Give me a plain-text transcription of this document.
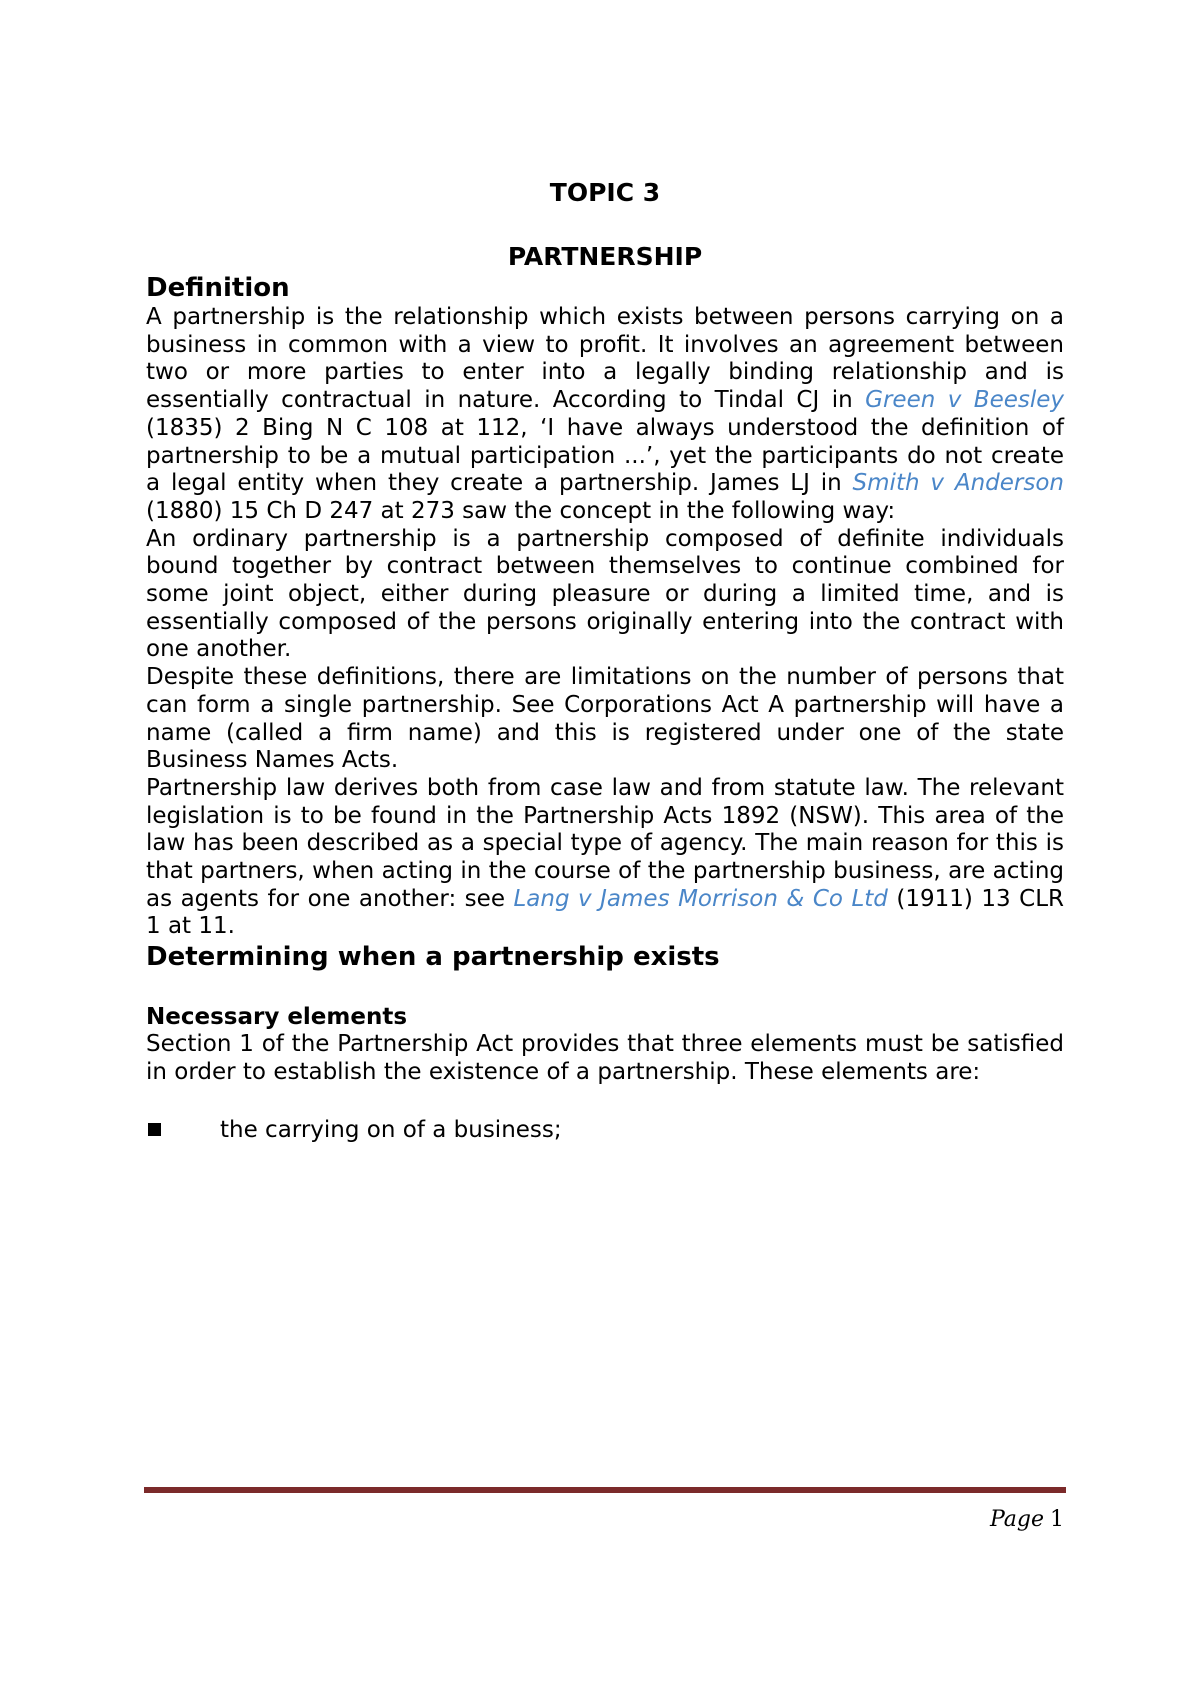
TOPIC 3
PARTNERSHIP
Definition

A partnership is the relationship which exists between persons carrying on a business in common with a view to profit. It involves an agreement between two or more parties to enter into a legally binding relationship and is essentially contractual in nature. According to Tindal CJ in Green v Beesley (1835) 2 Bing N C 108 at 112, ‘I have always understood the definition of partnership to be a mutual participation ...’, yet the participants do not create a legal entity when they create a partnership. James LJ in Smith v Anderson (1880) 15 Ch D 247 at 273 saw the concept in the following way:

An ordinary partnership is a partnership composed of definite individuals bound together by contract between themselves to continue combined for some joint object, either during pleasure or during a limited time, and is essentially composed of the persons originally entering into the contract with one another.

Despite these definitions, there are limitations on the number of persons that can form a single partnership. See Corporations Act A partnership will have a name (called a firm name) and this is registered under one of the state Business Names Acts.

Partnership law derives both from case law and from statute law. The relevant legislation is to be found in the Partnership Acts 1892 (NSW). This area of the law has been described as a special type of agency. The main reason for this is that partners, when acting in the course of the partnership business, are acting as agents for one another: see Lang v James Morrison & Co Ltd (1911) 13 CLR 1 at 11.

Determining when a partnership exists
Necessary elements

Section 1 of the Partnership Act provides that three elements must be satisfied in order to establish the existence of a partnership. These elements are:

the carrying on of a business;
Page 1
